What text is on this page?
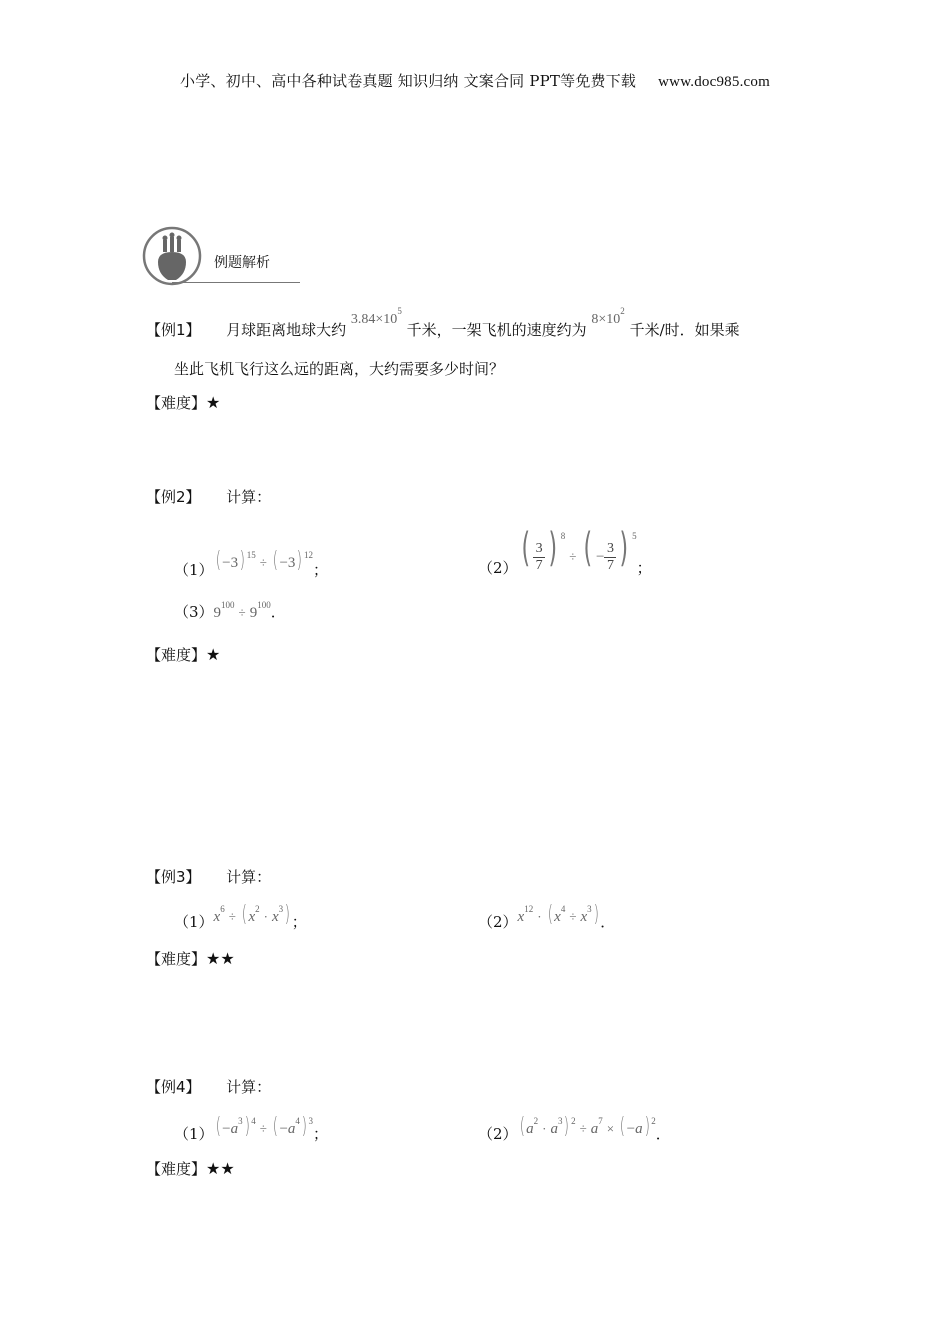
小学、初中、高中各种试卷真题 知识归纳 文案合同 PPT等免费下载 www.doc985.com
例题解析
【例1】 月球距离地球大约 $3.84\times 10^5$ 千米，一架飞机的速度约为 $8\times 10^2$ 千米/时．如果乘
坐此飞机飞行这么远的距离，大约需要多少时间？
【难度】★
【例2】 计算：
（1）( −3) $^{15}$ ÷ ( −3) $^{12}$；	$(2)( \frac{3}{7}$ ) $^8$÷ ( − $\frac{3}{7}$ ) $^5$；
$(3)9^{100} \div 9^{100}$．
【难度】★
【例3】 计算：
$(1)x^6$ ÷ ( $x^2 \cdot x^3$) ；	$(2)x^{12}$ · ( $x^4 \div x^3$) ．
【难度】★★
【例4】 计算：
$(1)( -a^3)$ $^4$ ÷ ( $-a^4$) $^3$；	（2）( $a^2 \cdot a^3$) $^2 \div a^7$ × ( −a) $^2$．
【难度】★★
